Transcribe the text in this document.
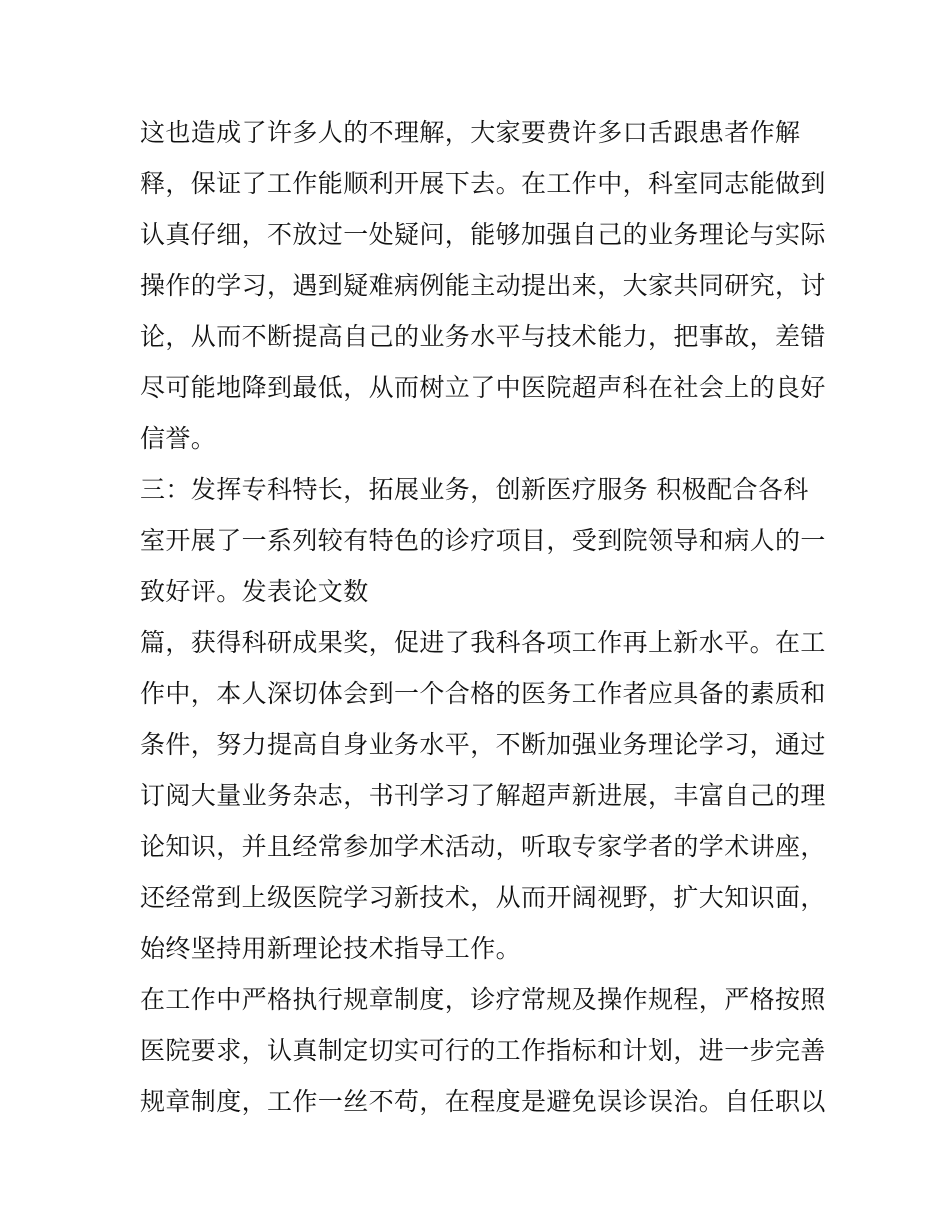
这也造成了许多人的不理解，大家要费许多口舌跟患者作解
释，保证了工作能顺利开展下去。在工作中，科室同志能做到
认真仔细，不放过一处疑问，能够加强自己的业务理论与实际
操作的学习，遇到疑难病例能主动提出来，大家共同研究，讨
论，从而不断提高自己的业务水平与技术能力，把事故，差错
尽可能地降到最低，从而树立了中医院超声科在社会上的良好
信誉。
三：发挥专科特长，拓展业务，创新医疗服务 积极配合各科
室开展了一系列较有特色的诊疗项目，受到院领导和病人的一
致好评。发表论文数
篇，获得科研成果奖，促进了我科各项工作再上新水平。在工
作中，本人深切体会到一个合格的医务工作者应具备的素质和
条件，努力提高自身业务水平，不断加强业务理论学习，通过
订阅大量业务杂志，书刊学习了解超声新进展，丰富自己的理
论知识，并且经常参加学术活动，听取专家学者的学术讲座，
还经常到上级医院学习新技术，从而开阔视野，扩大知识面，
始终坚持用新理论技术指导工作。
在工作中严格执行规章制度，诊疗常规及操作规程，严格按照
医院要求，认真制定切实可行的工作指标和计划，进一步完善
规章制度，工作一丝不苟，在程度是避免误诊误治。自任职以
